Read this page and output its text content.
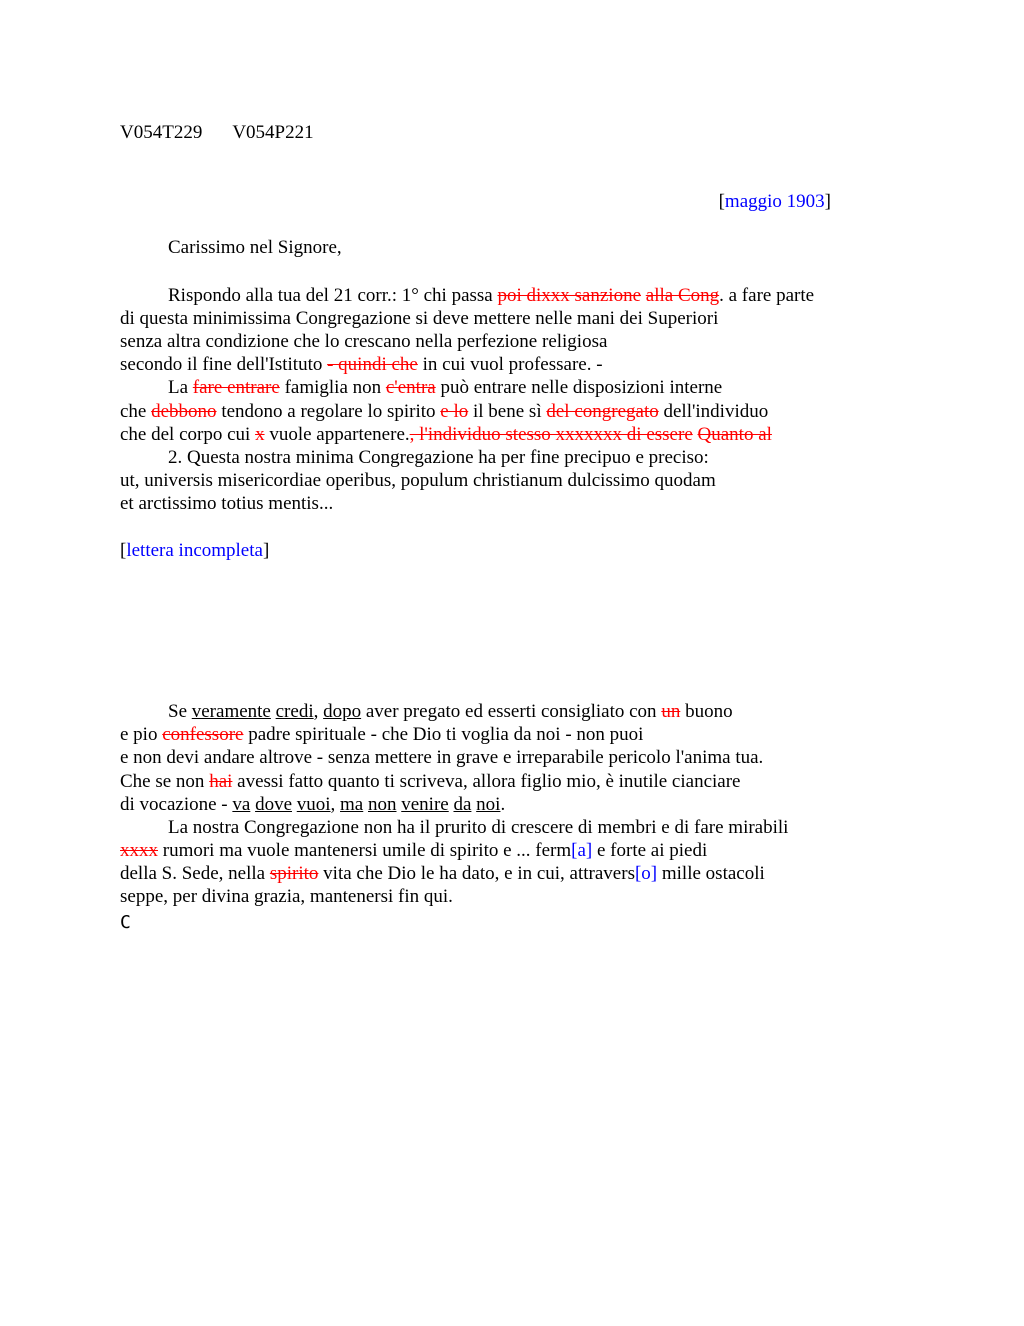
V054T229 V054P221
[maggio 1903]
Carissimo nel Signore,
Rispondo alla tua del 21 corr.: 1° chi passa poi dixxx sanzione alla Cong. a fare parte
di questa minimissima Congregazione si deve mettere nelle mani dei Superiori
senza altra condizione che lo crescano nella perfezione religiosa
secondo il fine dell'Istituto - quindi che in cui vuol professare. -
La fare entrare famiglia non c'entra può entrare nelle disposizioni interne
che debbono tendono a regolare lo spirito e lo il bene sì del congregato dell'individuo
che del corpo cui x vuole appartenere., l'individuo stesso xxxxxxx di essere Quanto al
2. Questa nostra minima Congregazione ha per fine precipuo e preciso:
ut, universis misericordiae operibus, populum christianum dulcissimo quodam
et arctissimo totius mentis...
[lettera incompleta]
Se veramente credi, dopo aver pregato ed esserti consigliato con un buono
e pio confessore padre spirituale - che Dio ti voglia da noi - non puoi
e non devi andare altrove - senza mettere in grave e irreparabile pericolo l'anima tua.
Che se non hai avessi fatto quanto ti scriveva, allora figlio mio, è inutile cianciare
di vocazione - va dove vuoi, ma non venire da noi.
La nostra Congregazione non ha il prurito di crescere di membri e di fare mirabili
xxxx rumori ma vuole mantenersi umile di spirito e ... ferm[a] e forte ai piedi
della S. Sede, nella spirito vita che Dio le ha dato, e in cui, attravers[o] mille ostacoli
seppe, per divina grazia, mantenersi fin qui.
C
